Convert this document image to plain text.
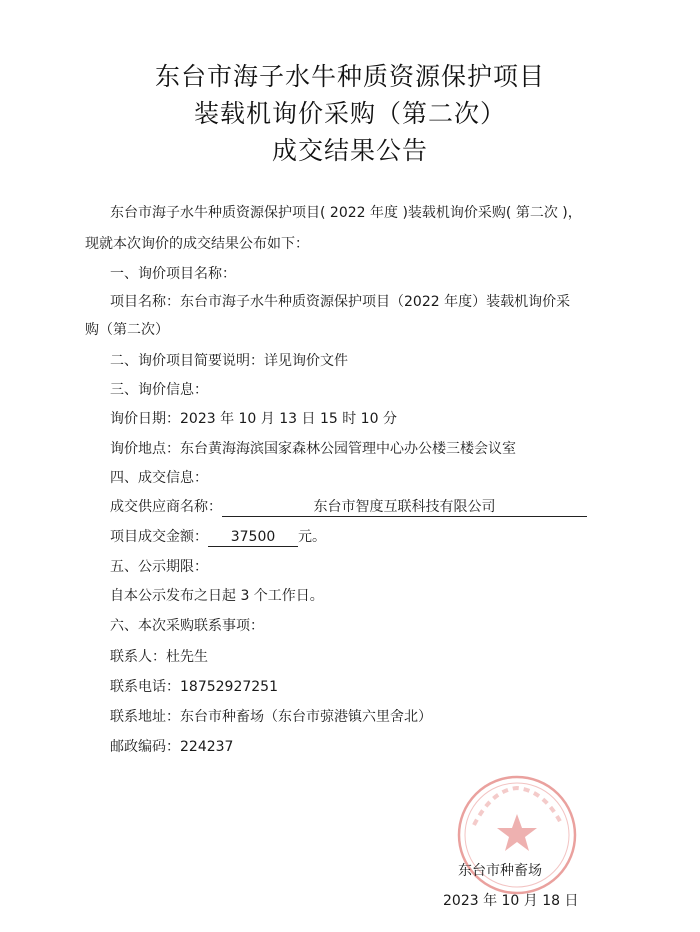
东台市海子水牛种质资源保护项目
装载机询价采购（第二次）
成交结果公告
东台市海子水牛种质资源保护项目( 2022 年度 )装载机询价采购( 第二次 )，
现就本次询价的成交结果公布如下：
一、询价项目名称：
项目名称：东台市海子水牛种质资源保护项目（2022 年度）装载机询价采
购（第二次）
二、询价项目简要说明：详见询价文件
三、询价信息：
询价日期：2023 年 10 月 13 日 15 时 10 分
询价地点：东台黄海海滨国家森林公园管理中心办公楼三楼会议室
四、成交信息：
成交供应商名称：	东台市智度互联科技有限公司
项目成交金额： 37500 元。
五、公示期限：
自本公示发布之日起 3 个工作日。
六、本次采购联系事项：
联系人：杜先生
联系电话：18752927251
联系地址：东台市种畜场（东台市弶港镇六里舍北）
邮政编码：224237
东台市种畜场
2023 年 10 月 18 日
